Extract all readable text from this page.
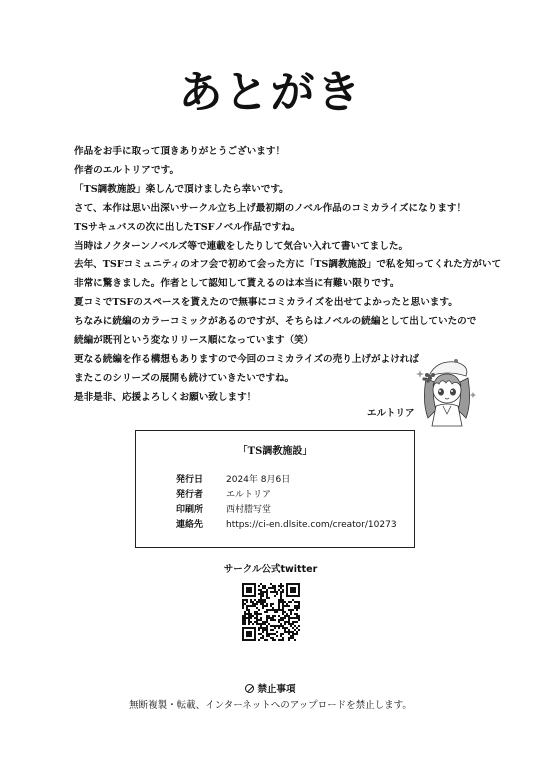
あとがき
作品をお手に取って頂きありがとうございます！
作者のエルトリアです。
「TS調教施設」楽しんで頂けましたら幸いです。
さて、本作は思い出深いサークル立ち上げ最初期のノベル作品のコミカライズになります！
TSサキュバスの次に出したTSFノベル作品ですね。
当時はノクターンノベルズ等で連載をしたりして気合い入れて書いてました。
去年、TSFコミュニティのオフ会で初めて会った方に「TS調教施設」で私を知ってくれた方がいて
非常に驚きました。作者として認知して貰えるのは本当に有難い限りです。
夏コミでTSFのスペースを貰えたので無事にコミカライズを出せてよかったと思います。
ちなみに続編のカラーコミックがあるのですが、そちらはノベルの続編として出していたので
続編が既刊という変なリリース順になっています（笑）
更なる続編を作る構想もありますので今回のコミカライズの売り上げがよければ
またこのシリーズの展開も続けていきたいですね。
是非是非、応援よろしくお願い致します！
エルトリア
「TS調教施設」
発行日	2024年 8月6日
発行者	エルトリア
印刷所	西村謄写堂
連絡先	https://ci-en.dlsite.com/creator/10273
サークル公式twitter
禁止事項
無断複製・転載、インターネットへのアップロードを禁止します。
